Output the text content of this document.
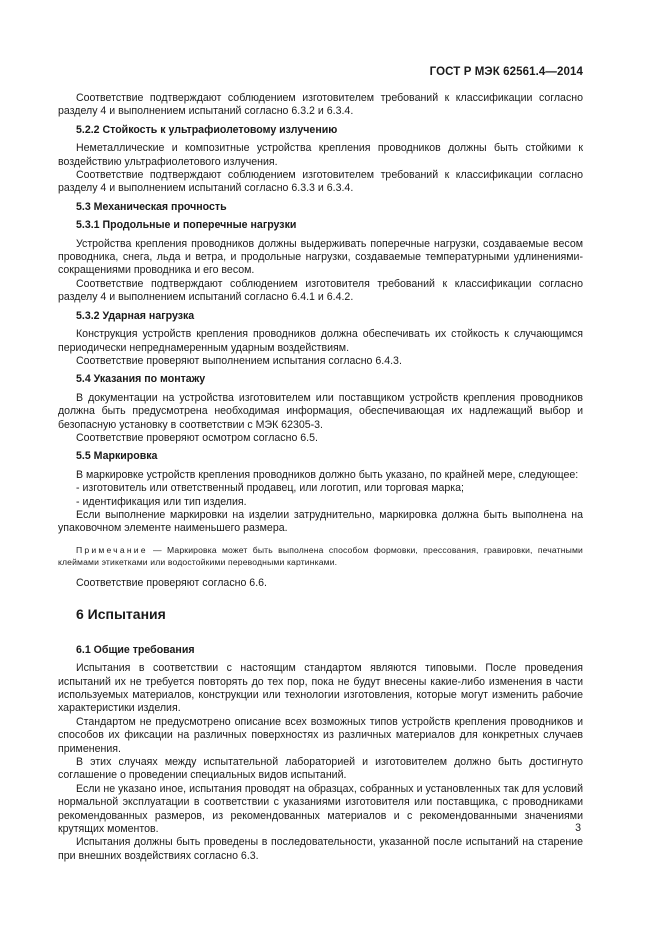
ГОСТ Р МЭК 62561.4—2014
Соответствие подтверждают соблюдением изготовителем требований к классификации согласно разделу 4 и выполнением испытаний согласно 6.3.2 и 6.3.4.
5.2.2 Стойкость к ультрафиолетовому излучению
Неметаллические и композитные устройства крепления проводников должны быть стойкими к воздействию ультрафиолетового излучения.
Соответствие подтверждают соблюдением изготовителем требований к классификации согласно разделу 4 и выполнением испытаний согласно 6.3.3 и 6.3.4.
5.3 Механическая прочность
5.3.1 Продольные и поперечные нагрузки
Устройства крепления проводников должны выдерживать поперечные нагрузки, создаваемые весом проводника, снега, льда и ветра, и продольные нагрузки, создаваемые температурными удлинениями-сокращениями проводника и его весом.
Соответствие подтверждают соблюдением изготовителя требований к классификации согласно разделу 4 и выполнением испытаний согласно 6.4.1 и 6.4.2.
5.3.2 Ударная нагрузка
Конструкция устройств крепления проводников должна обеспечивать их стойкость к случающимся периодически непреднамеренным ударным воздействиям.
Соответствие проверяют выполнением испытания согласно 6.4.3.
5.4 Указания по монтажу
В документации на устройства изготовителем или поставщиком устройств крепления проводников должна быть предусмотрена необходимая информация, обеспечивающая их надлежащий выбор и безопасную установку в соответствии с МЭК 62305-3.
Соответствие проверяют осмотром согласно 6.5.
5.5 Маркировка
В маркировке устройств крепления проводников должно быть указано, по крайней мере, следующее:
- изготовитель или ответственный продавец, или логотип, или торговая марка;
- идентификация или тип изделия.
Если выполнение маркировки на изделии затруднительно, маркировка должна быть выполнена на упаковочном элементе наименьшего размера.
Примечание — Маркировка может быть выполнена способом формовки, прессования, гравировки, печатными клеймами этикетками или водостойкими переводными картинками.
Соответствие проверяют согласно 6.6.
6 Испытания
6.1 Общие требования
Испытания в соответствии с настоящим стандартом являются типовыми. После проведения испытаний их не требуется повторять до тех пор, пока не будут внесены какие-либо изменения в части используемых материалов, конструкции или технологии изготовления, которые могут изменить рабочие характеристики изделия.
Стандартом не предусмотрено описание всех возможных типов устройств крепления проводников и способов их фиксации на различных поверхностях из различных материалов для конкретных случаев применения.
В этих случаях между испытательной лабораторией и изготовителем должно быть достигнуто соглашение о проведении специальных видов испытаний.
Если не указано иное, испытания проводят на образцах, собранных и установленных так для условий нормальной эксплуатации в соответствии с указаниями изготовителя или поставщика, с проводниками рекомендованных размеров, из рекомендованных материалов и с рекомендованными значениями крутящих моментов.
Испытания должны быть проведены в последовательности, указанной после испытаний на старение при внешних воздействиях согласно 6.3.
3
